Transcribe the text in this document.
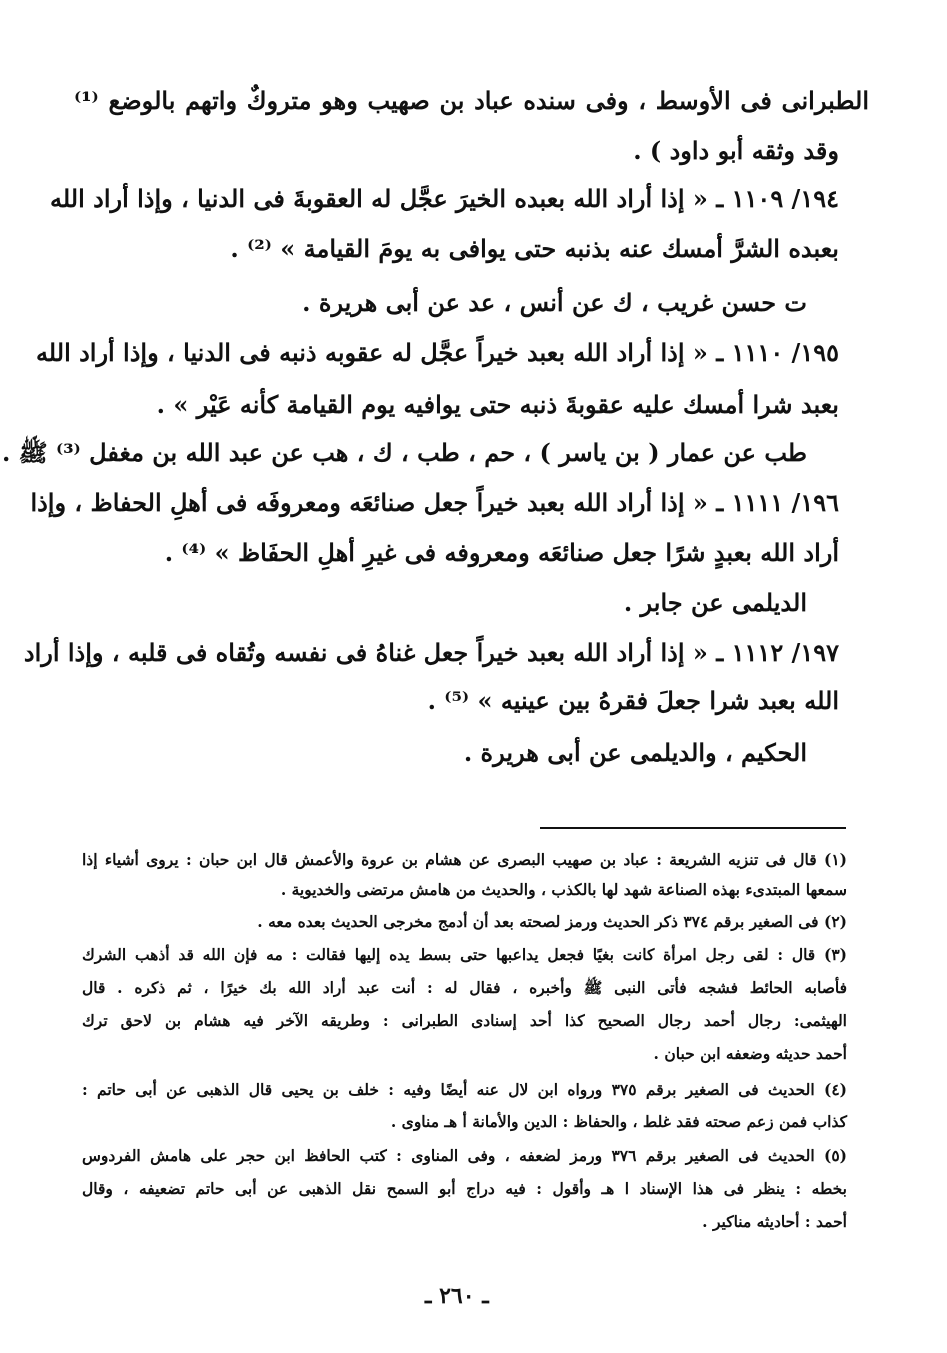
الطبرانى فى الأوسط ، وفى سنده عباد بن صهيب وهو متروكٌ واتهم بالوضع ⁽¹⁾
وقد وثقه أبو داود ) .
١٩٤/ ١١٠٩ ـ « إذا أراد الله بعبده الخيرَ عجَّل له العقوبةَ فى الدنيا ، وإذا أراد الله
بعبده الشرَّ أمسك عنه بذنبه حتى يوافى به يومَ القيامة » ⁽²⁾ .
ت حسن غريب ، ك عن أنس ، عد عن أبى هريرة .
١٩٥/ ١١١٠ ـ « إذا أراد الله بعبد خيراً عجَّل له عقوبه ذنبه فى الدنيا ، وإذا أراد الله
بعبد شرا أمسك عليه عقوبةَ ذنبه حتى يوافيه يوم القيامة كأنه عَيْر » .
طب عن عمار ( بن ياسر ) ، حم ، طب ، ك ، هب عن عبد الله بن مغفل ⁽³⁾ ﷺ .
١٩٦/ ١١١١ ـ « إذا أراد الله بعبد خيراً جعل صنائعَه ومعروفَه فى أهلِ الحفاظ ، وإذا
أراد الله بعبدٍ شرًا جعل صنائعَه ومعروفه فى غيرِ أهلِ الحفَاظ » ⁽⁴⁾ .
الديلمى عن جابر .
١٩٧/ ١١١٢ ـ « إذا أراد الله بعبد خيراً جعل غناهُ فى نفسه وتُقاه فى قلبه ، وإذا أراد
الله بعبد شرا جعلَ فقرهُ بين عينيه » ⁽⁵⁾ .
الحكيم ، والديلمى عن أبى هريرة .
(١) قال فى تنزيه الشريعة : عباد بن صهيب البصرى عن هشام بن عروة والأعمش قال ابن حبان : يروى أشياء إذا
سمعها المبتدىء بهذه الصناعة شهد لها بالكذب ، والحديث من هامش مرتضى والخديوية .
(٢) فى الصغير برقم ٣٧٤ ذكر الحديث ورمز لصحته بعد أن أدمج مخرجى الحديث بعده معه .
(٣) قال : لقى رجل امرأة كانت بغيًا فجعل يداعبها حتى بسط يده إليها فقالت : مه فإن الله قد أذهب الشرك
فأصابه الحائط فشجه فأتى النبى ﷺ وأخبره ، فقال له : أنت عبد أراد الله بك خيرًا ، ثم ذكره . قال
الهيثمى: رجال أحمد رجال الصحيح كذا أحد إسنادى الطبرانى : وطريقه الآخر فيه هشام بن لاحق ترك
أحمد حديثه وضعفه ابن حبان .
(٤) الحديث فى الصغير برقم ٣٧٥ ورواه ابن لال عنه أيضًا وفيه : خلف بن يحيى قال الذهبى عن أبى حاتم :
كذاب فمن زعم صحته فقد غلط ، والحفاظ : الدين والأمانة أ هـ مناوى .
(٥) الحديث فى الصغير برقم ٣٧٦ ورمز لضعفه ، وفى المناوى : كتب الحافظ ابن حجر على هامش الفردوس
بخطه : ينظر فى هذا الإسناد ا هـ وأقول : فيه دراج أبو السمح نقل الذهبى عن أبى حاتم تضعيفه ، وقال
أحمد : أحاديثه مناكير .
ـ ٢٦٠ ـ
